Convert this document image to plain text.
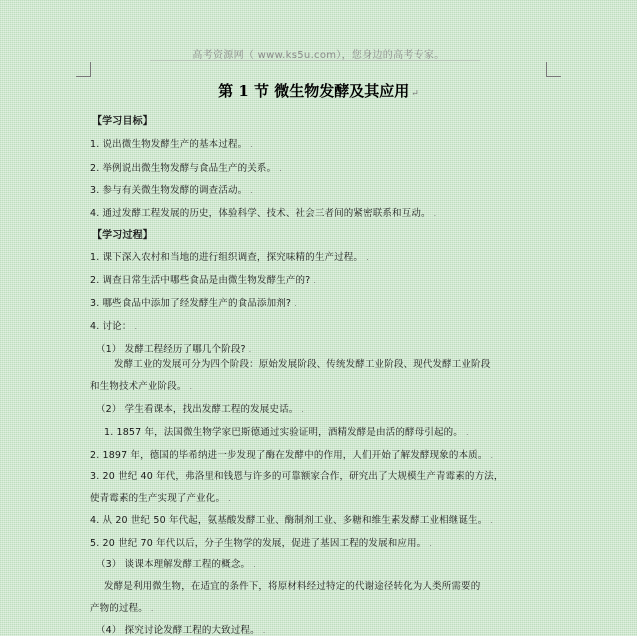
高考资源网（ www.ks5u.com），您身边的高考专家。
第 1 节 微生物发酵及其应用 ↵
【学习目标】
1. 说出微生物发酵生产的基本过程。 .
2. 举例说出微生物发酵与食品生产的关系。 .
3. 参与有关微生物发酵的调查活动。 .
4. 通过发酵工程发展的历史，体验科学、技术、社会三者间的紧密联系和互动。 .
【学习过程】
1. 课下深入农村和当地的进行组织调查，探究味精的生产过程。 .
2. 调查日常生活中哪些食品是由微生物发酵生产的? .
3. 哪些食品中添加了经发酵生产的食品添加剂? .
4. 讨论： .
（1） 发酵工程经历了哪几个阶段? .
发酵工业的发展可分为四个阶段：原始发展阶段、传统发酵工业阶段、现代发酵工业阶段
和生物技术产业阶段。 .
（2） 学生看课本，找出发酵工程的发展史话。 .
1. 1857 年，法国微生物学家巴斯德通过实验证明，酒精发酵是由活的酵母引起的。 .
2. 1897 年，德国的毕希纳进一步发现了酶在发酵中的作用，人们开始了解发酵现象的本质。 .
3. 20 世纪 40 年代，弗洛里和钱恩与许多的可靠额家合作，研究出了大规模生产青霉素的方法，
使青霉素的生产实现了产业化。 .
4. 从 20 世纪 50 年代起，氨基酸发酵工业、酶制剂工业、多糖和维生素发酵工业相继诞生。 .
5. 20 世纪 70 年代以后，分子生物学的发展，促进了基因工程的发展和应用。 .
（3） 谈课本理解发酵工程的概念。 .
发酵是利用微生物，在适宜的条件下，将原材料经过特定的代谢途径转化为人类所需要的
产物的过程。 .
（4） 探究讨论发酵工程的大致过程。 .
